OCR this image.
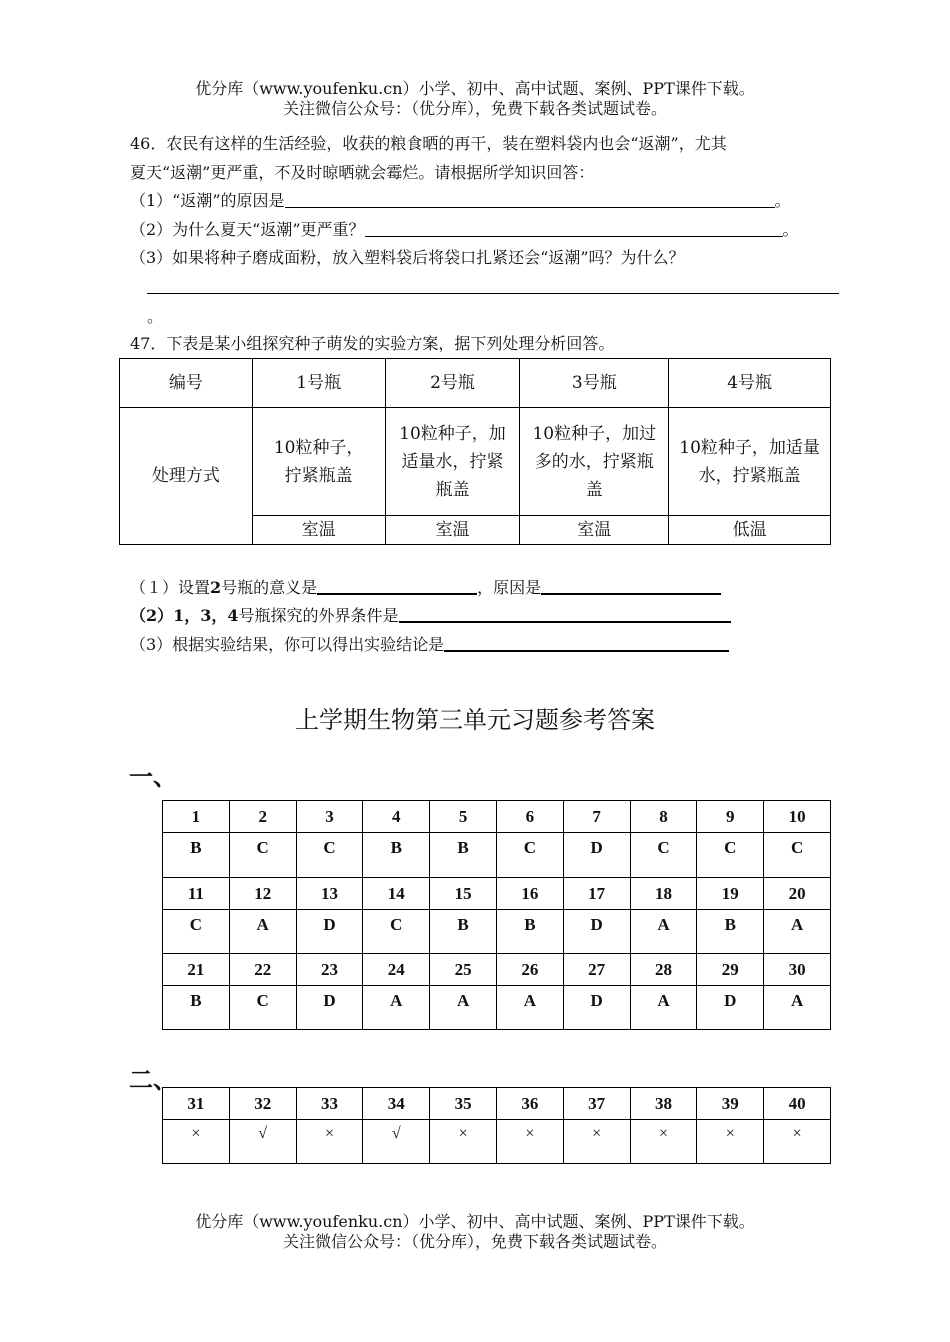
优分库（www.youfenku.cn）小学、初中、高中试题、案例、PPT课件下载。
关注微信公众号：（优分库），免费下载各类试题试卷。
46．农民有这样的生活经验，收获的粮食晒的再干，装在塑料袋内也会“返潮”，尤其
夏天“返潮”更严重，不及时晾晒就会霉烂。请根据所学知识回答：
（1）“返潮”的原因是	。
（2）为什么夏天“返潮”更严重？	。
（3）如果将种子磨成面粉，放入塑料袋后将袋口扎紧还会“返潮”吗？为什么？
。
47．下表是某小组探究种子萌发的实验方案，据下列处理分析回答。
编号	1号瓶	2号瓶	3号瓶	4号瓶
处理方式	10粒种子，拧紧瓶盖	10粒种子，加适量水，拧紧瓶盖	10粒种子，加过多的水，拧紧瓶盖	10粒种子，加适量水，拧紧瓶盖
	室温	室温	室温	低温
（１）设置2号瓶的意义是	，原因是
（2）1，3，4号瓶探究的外界条件是
（3）根据实验结果，你可以得出实验结论是
上学期生物第三单元习题参考答案
一、
1	2	3	4	5	6	7	8	9	10
B	C	C	B	B	C	D	C	C	C
11	12	13	14	15	16	17	18	19	20
C	A	D	C	B	B	D	A	B	A
21	22	23	24	25	26	27	28	29	30
B	C	D	A	A	A	D	A	D	A
二、
31	32	33	34	35	36	37	38	39	40
×	√	×	√	×	×	×	×	×	×
优分库（www.youfenku.cn）小学、初中、高中试题、案例、PPT课件下载。
关注微信公众号：（优分库），免费下载各类试题试卷。
